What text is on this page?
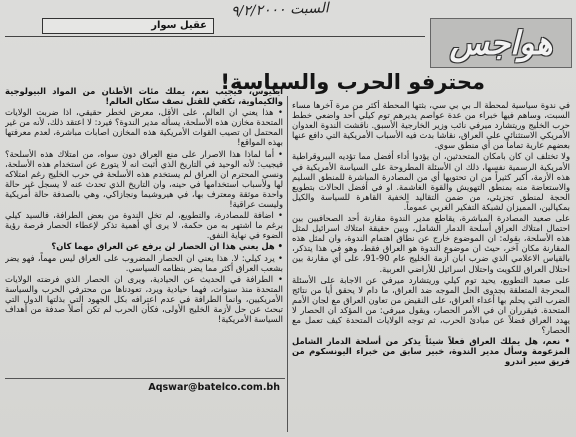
السبت ٩/٢/٢٠٠٠
عقيل سوار	هواجس
محترفو الحرب والسياسة!

في ندوة سياسية لمحطة الـ بي بي سي، بثتها المحطة أكثر من مرة آخرها مساء السبت، وساهم فيها خبراء من عدة عواصم يديرهم توم كيلي أحد واضعي خطط حرب الخليج وريتشارد ميرفي نائب وزير الخارجية الأسبق. ناقشت الندوة العدوان الأمريكي الاستثنائي على العراق، نقاشا بدت فيه الأسباب الأمريكية التي دافع عنها بعضهم عارية تماماً من أي منطق سوي.

ولا تختلف ان كان بامكان المتحدثين، ان يؤدوا أداء أفضل مما تؤديه البيروقراطية الأمريكية الرسمية نفسها، ذلك ان الأسئلة المطروحة على السياسة الأمريكية في هذه الأزمة، أكبر كثيراً من ان تحتويها أي من المصادرة المباشرة للمنطق السليم والاستعاضة منه بمنطق التهويش والقوة الغاشمة. او في أفضل الحالات بتطويع الحجة لمنطق تجزيئي، من ضمن التقاليد الخفية القاهرة للسياسة والكيل بمكيالين، المميزان لشبكة التفكير الغربي عموماً.

على صعيد المصادرة المباشرة، يقاطع مدير الندوة مقارنة أحد الصحافيين بين احتمال امتلاك العراق أسلحة الدمار الشامل، وبين حقيقة امتلاك اسرائيل لمثل هذه الأسلحة، بقوله: ان الموضوع خارج عن نطاق اهتمام الندوة، وان لمثل هذه المقارنة مكان آخر، حيث ان موضوع الندوة هو العراق فقط، وهو في هذا يتذكر، بالقياس الاعلامي الذي ضرب ابان أزمة الخليج عام 90-91، على أي مقارنة بين احتلال العراق للكويت واحتلال اسرائيل للأراضي العربية.

على صعيد التطويع، يحيد توم كيلي وريتشارد ميرفي عن الاجابة على الأسئلة المحرجة المتعلقة بجدوى الحل الموجه ضد العراق، ما دام لا يحقق أيا من نتائج الضرب التي يحلم بها أعداء العراق، على النقيض من تعاون العراق مع لجان الأمم المتحدة. فيقرران ان في الأمر الحصار، ويقول ميرفي: من المؤكد ان الحصار لا يهدد العراق فضلاً عن مبادئ الحرب، ثم توجه الولايات المتحدة كيف تعمل مع الحصار؟

• نعم، هل يملك العراق فعلاً شيئاً يذكر من أسلحة الدمار الشامل المزعومة وسأل مدير الندوة، خبير سابق من خبراء اليونسكوم من فريق سير اندرو

ايكيوس، فيجيب نعم، يملك مئات الأطنان من المواد البيولوجية والكيماوية، تكفي للقتل نصف سكان العالم!

• هذا يعني ان العالم، على الأقل، معرض لخطر حقيقي، اذا ضربت الولايات المتحدة مخازن هذه الأسلحة، يسأله مدير الندوة؟ فيرد: لا اعتقد ذلك، لأنه من غير المحتمل ان تصيب القوات الأمريكية هذه المخازن اصابات مباشرة، لعدم معرفتها بهذه المواقع!

• أما لماذا هذا الاصرار على منع العراق دون سواه، من امتلاك هذه الأسلحة؟ فيجيب: لأنه الوحيد في التاريخ الذي أثبت انه لا يتورع عن استخدام هذه الأسلحة، ونسي المحترم ان العراق لم يستخدم هذه الأسلحة في حرب الخليج رغم امتلاكه لها ولأسباب استخدامها في حينه، وان التاريخ الذي تحدث عنه لا يسجل غير حالة واحدة موثقة ومعترف بها، في هيروشيما ونجازاكي، وهي بالصدفة حالة أمريكية وليست عراقية!

• اضافة للمصادرة، والتطويع، لم تخل الندوة من بعض الطرافة، فالسيد كيلي برغم ما اشتهر به من حكمة، لا يرى أي أهمية تذكر لإعطاء الحصار فرصة رؤية الضوء في نهاية النفق.

• هل يعني هذا ان الحصار لن يرفع عن العراق مهما كان؟

• يرد كيلي: لا. هذا يعني ان الحصار المضروب على العراق ليس مهماً، فهو يضر بشعب العراق أكثر مما يضر بنظامه السياسي.

• الطرافة في الحديث عن الحيادية، ويرى ان الحصار الذي فرضته الولايات المتحدة منذ سنوات، فهما حيادية ويرد، تعودناها من محترفي الحرب والسياسة الأمريكيين، وانما الطرافة في عدم اعترافه بكل الجهود التي بذلتها الدول التي تبحث عن حل لأزمة الخليج الأولى، فكأن الحرب لم تكن أصلاً صدفة من أهداف السياسة الأمريكية!

Aqswar@batelco.com.bh
